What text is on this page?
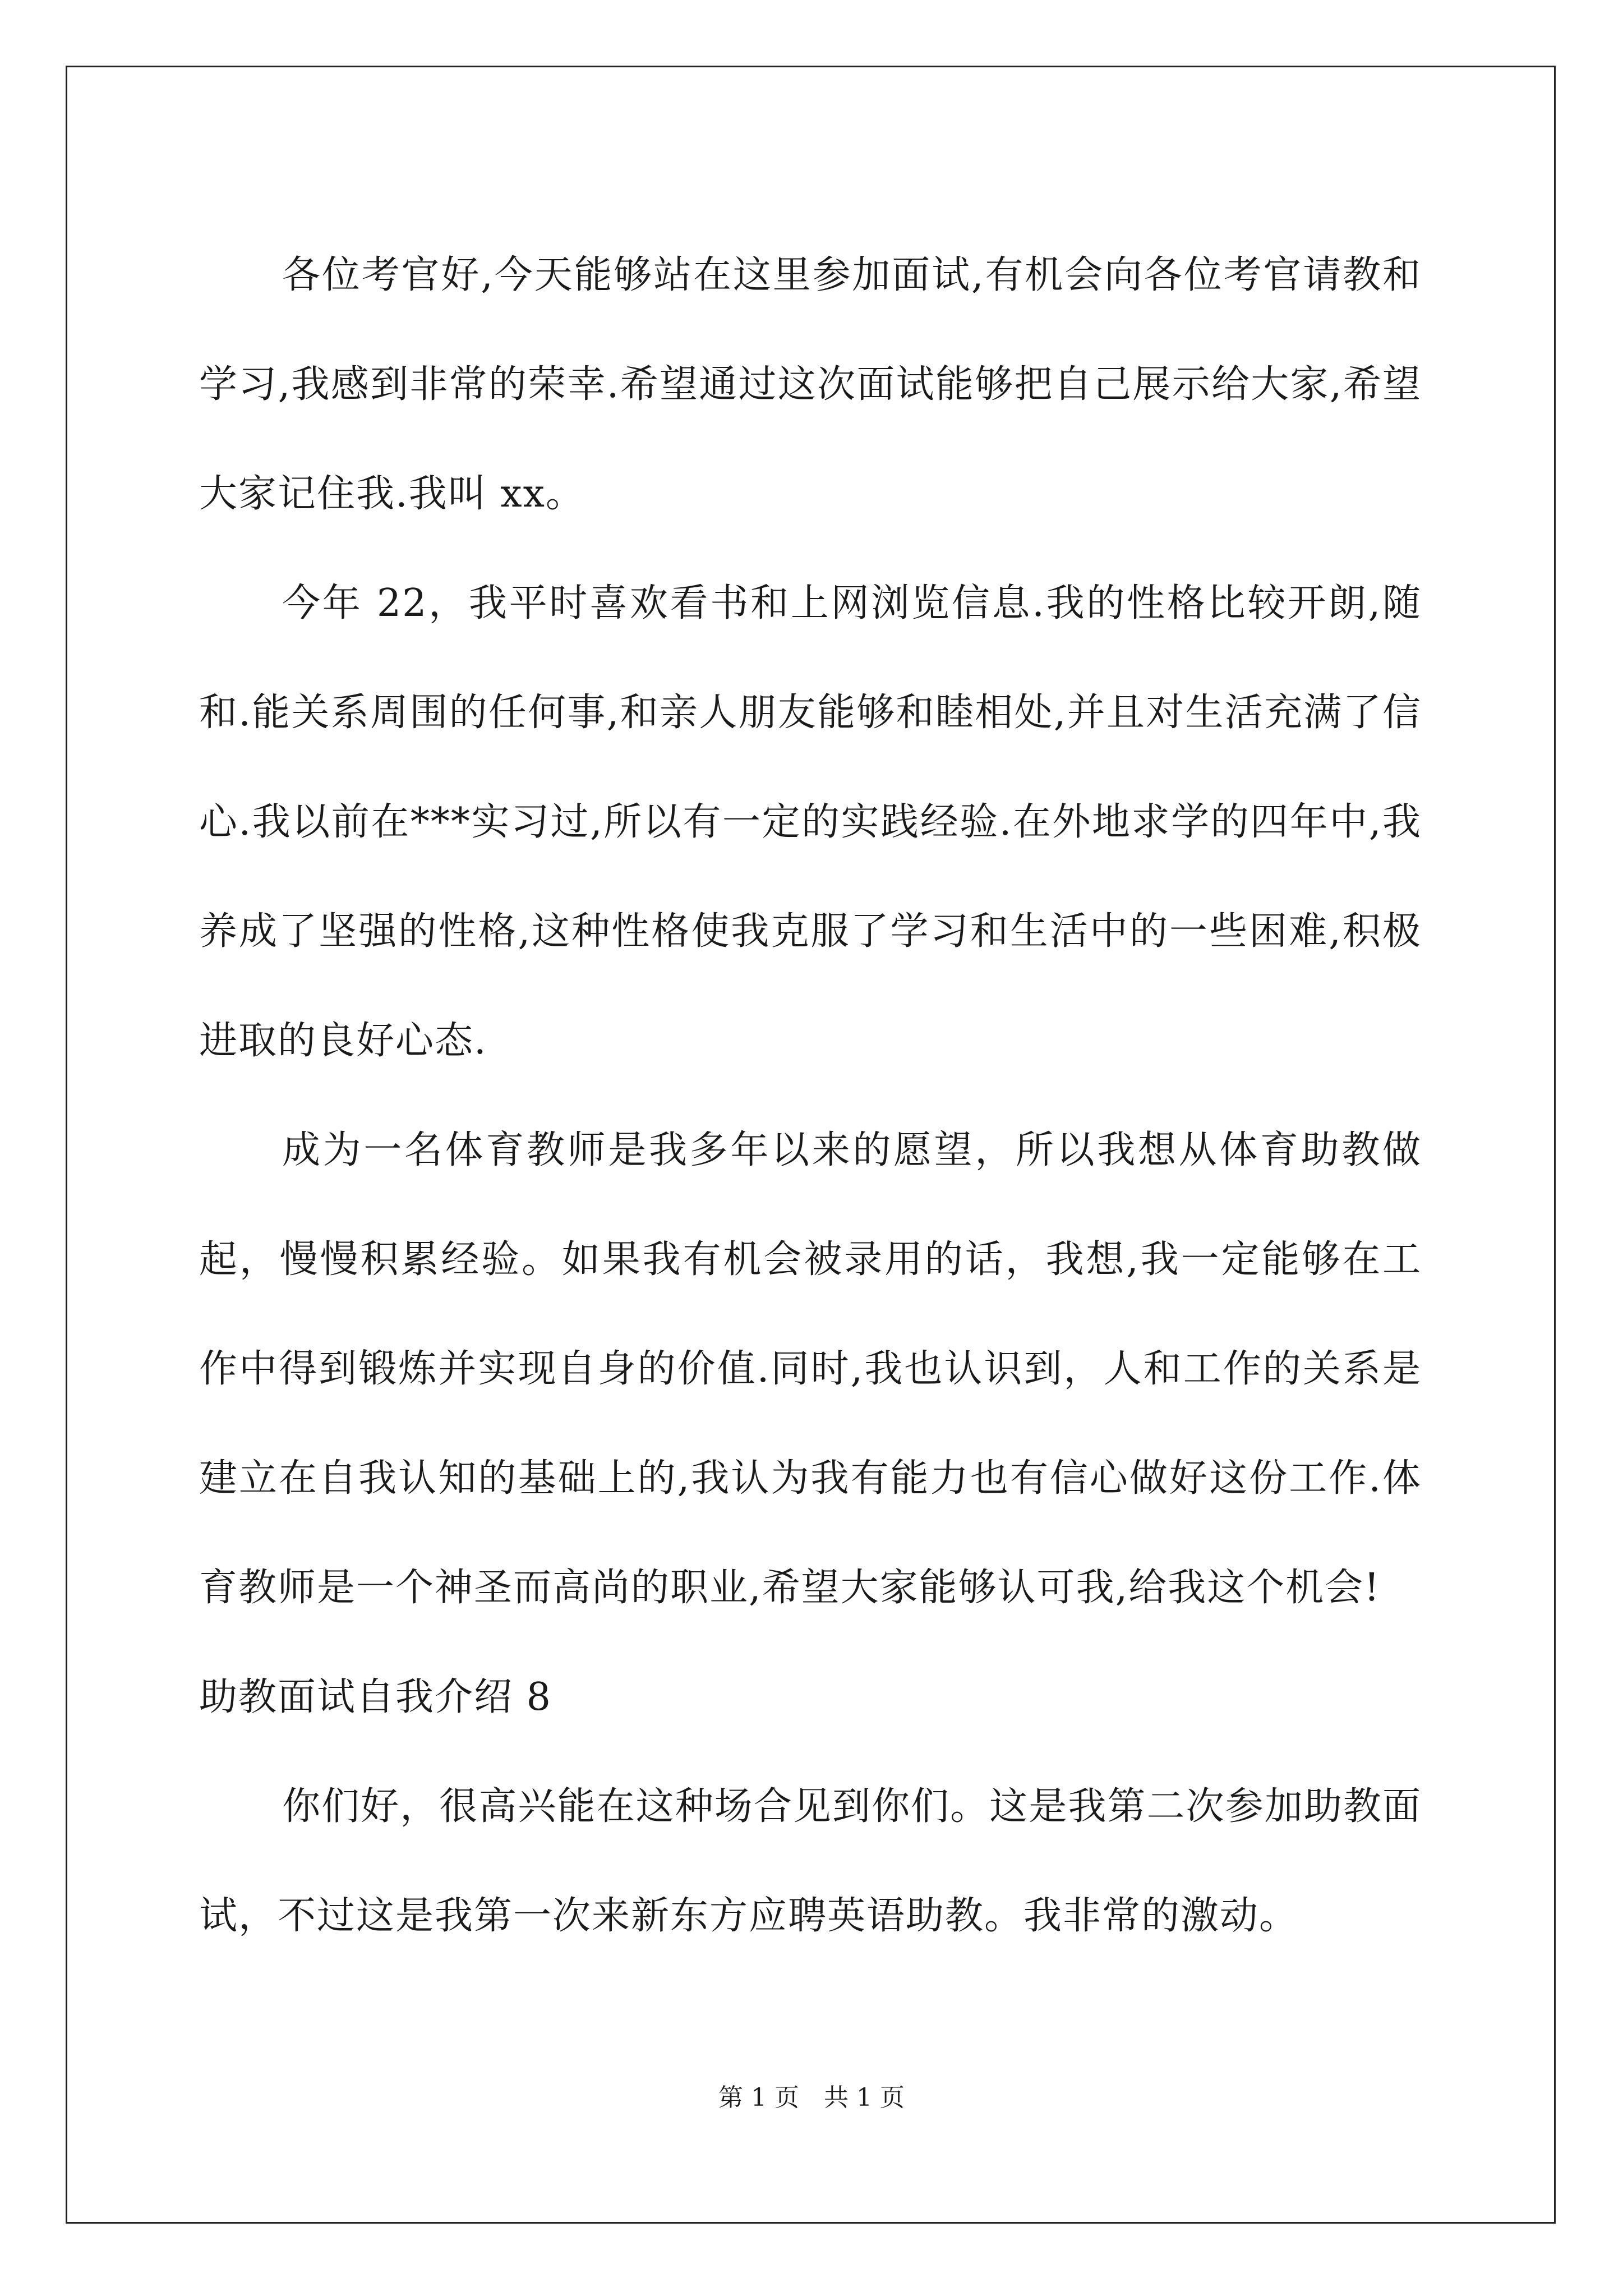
各位考官好,今天能够站在这里参加面试,有机会向各位考官请教和学习,我感到非常的荣幸.希望通过这次面试能够把自己展示给大家,希望大家记住我.我叫 xx。

今年 22，我平时喜欢看书和上网浏览信息.我的性格比较开朗,随和.能关系周围的任何事,和亲人朋友能够和睦相处,并且对生活充满了信心.我以前在***实习过,所以有一定的实践经验.在外地求学的四年中,我养成了坚强的性格,这种性格使我克服了学习和生活中的一些困难,积极进取的良好心态.

成为一名体育教师是我多年以来的愿望，所以我想从体育助教做起，慢慢积累经验。如果我有机会被录用的话，我想,我一定能够在工作中得到锻炼并实现自身的价值.同时,我也认识到，人和工作的关系是建立在自我认知的基础上的,我认为我有能力也有信心做好这份工作.体育教师是一个神圣而高尚的职业,希望大家能够认可我,给我这个机会!

助教面试自我介绍 8

你们好，很高兴能在这种场合见到你们。这是我第二次参加助教面试，不过这是我第一次来新东方应聘英语助教。我非常的激动。

第 1 页　共 1 页
